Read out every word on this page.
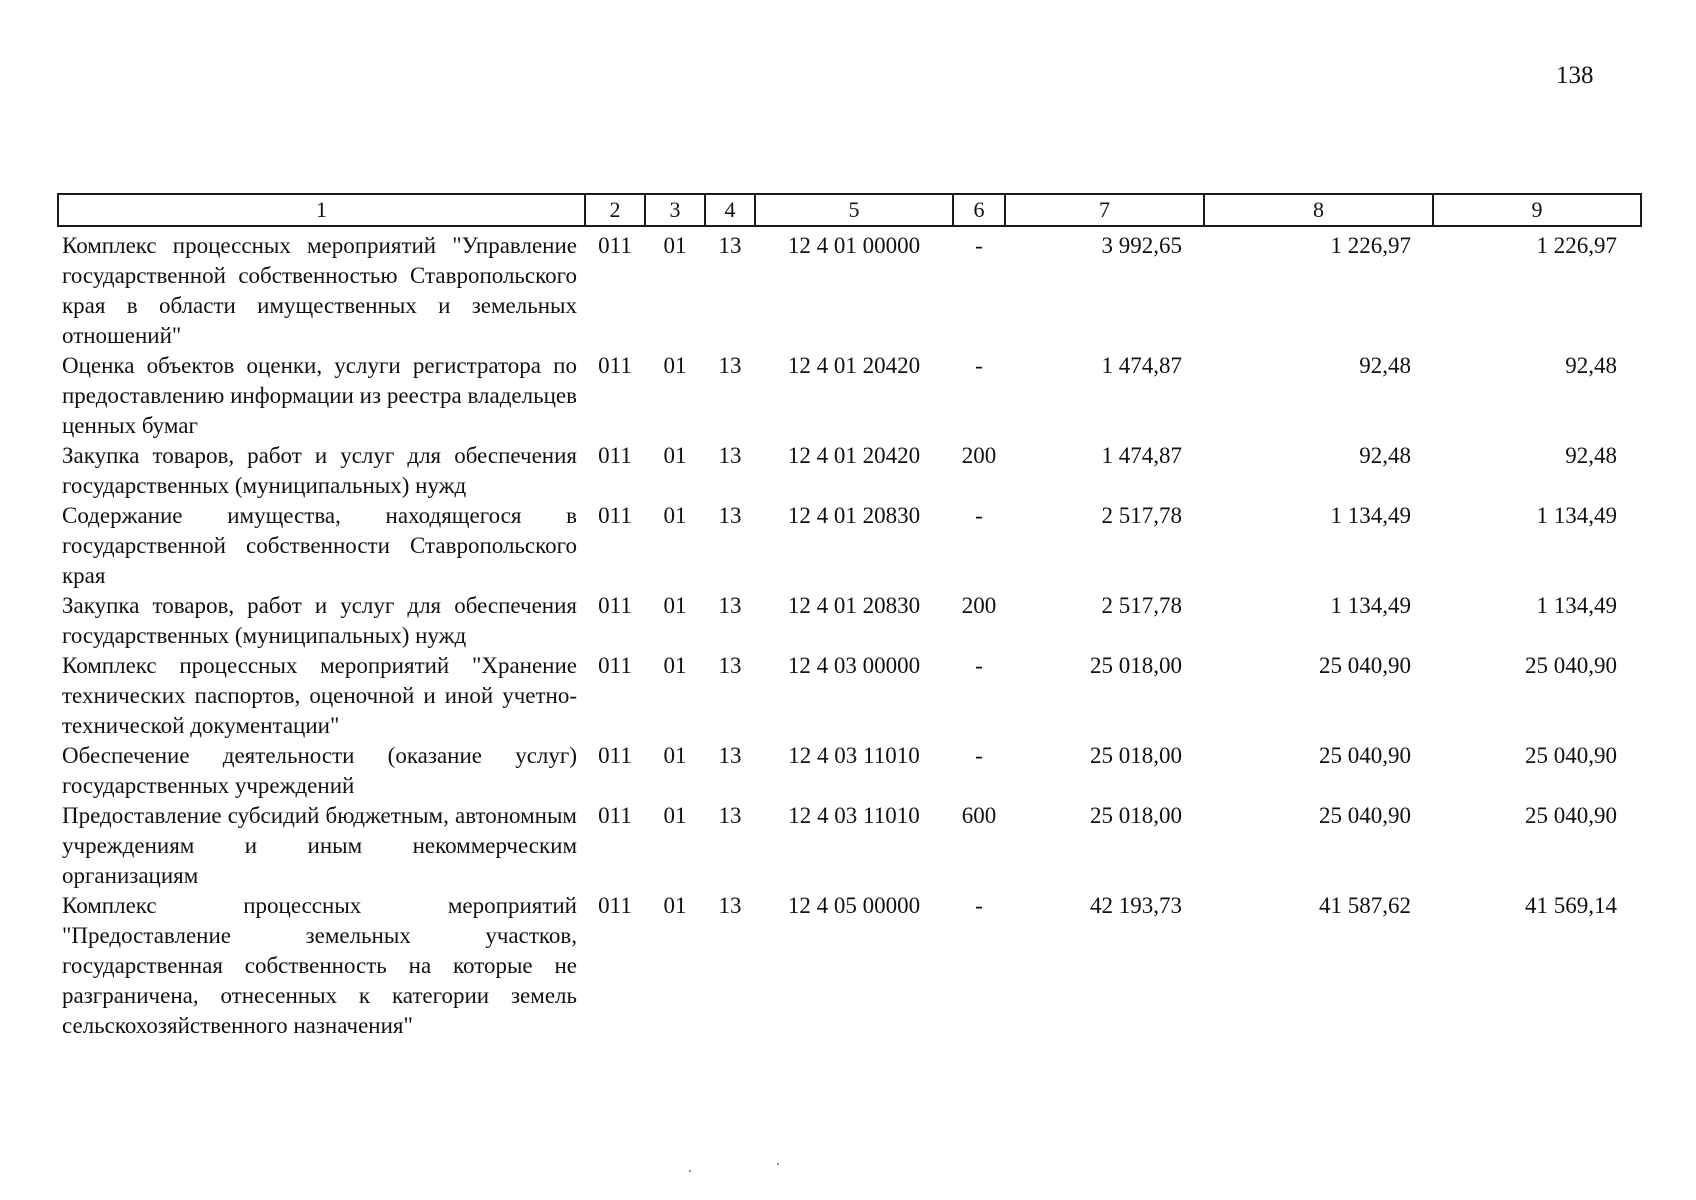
138
1	2	3	4	5	6	7	8	9
Комплекс процессных мероприятий "Управление государственной собственностью Ставропольского края в области имущественных и земельных отношений"	011	01	13	12 4 01 00000	-	3 992,65	1 226,97	1 226,97
Оценка объектов оценки, услуги регистратора по предоставлению информации из реестра владельцев ценных бумаг	011	01	13	12 4 01 20420	-	1 474,87	92,48	92,48
Закупка товаров, работ и услуг для обеспечения государственных (муниципальных) нужд	011	01	13	12 4 01 20420	200	1 474,87	92,48	92,48
Содержание имущества, находящегося в государственной собственности Ставропольского края	011	01	13	12 4 01 20830	-	2 517,78	1 134,49	1 134,49
Закупка товаров, работ и услуг для обеспечения государственных (муниципальных) нужд	011	01	13	12 4 01 20830	200	2 517,78	1 134,49	1 134,49
Комплекс процессных мероприятий "Хранение технических паспортов, оценочной и иной учетно-технической документации"	011	01	13	12 4 03 00000	-	25 018,00	25 040,90	25 040,90
Обеспечение деятельности (оказание услуг) государственных учреждений	011	01	13	12 4 03 11010	-	25 018,00	25 040,90	25 040,90
Предоставление субсидий бюджетным, автономным учреждениям и иным некоммерческим организациям	011	01	13	12 4 03 11010	600	25 018,00	25 040,90	25 040,90
Комплекс процессных мероприятий "Предоставление земельных участков, государственная собственность на которые не разграничена, отнесенных к категории земель сельскохозяйственного назначения"	011	01	13	12 4 05 00000	-	42 193,73	41 587,62	41 569,14
